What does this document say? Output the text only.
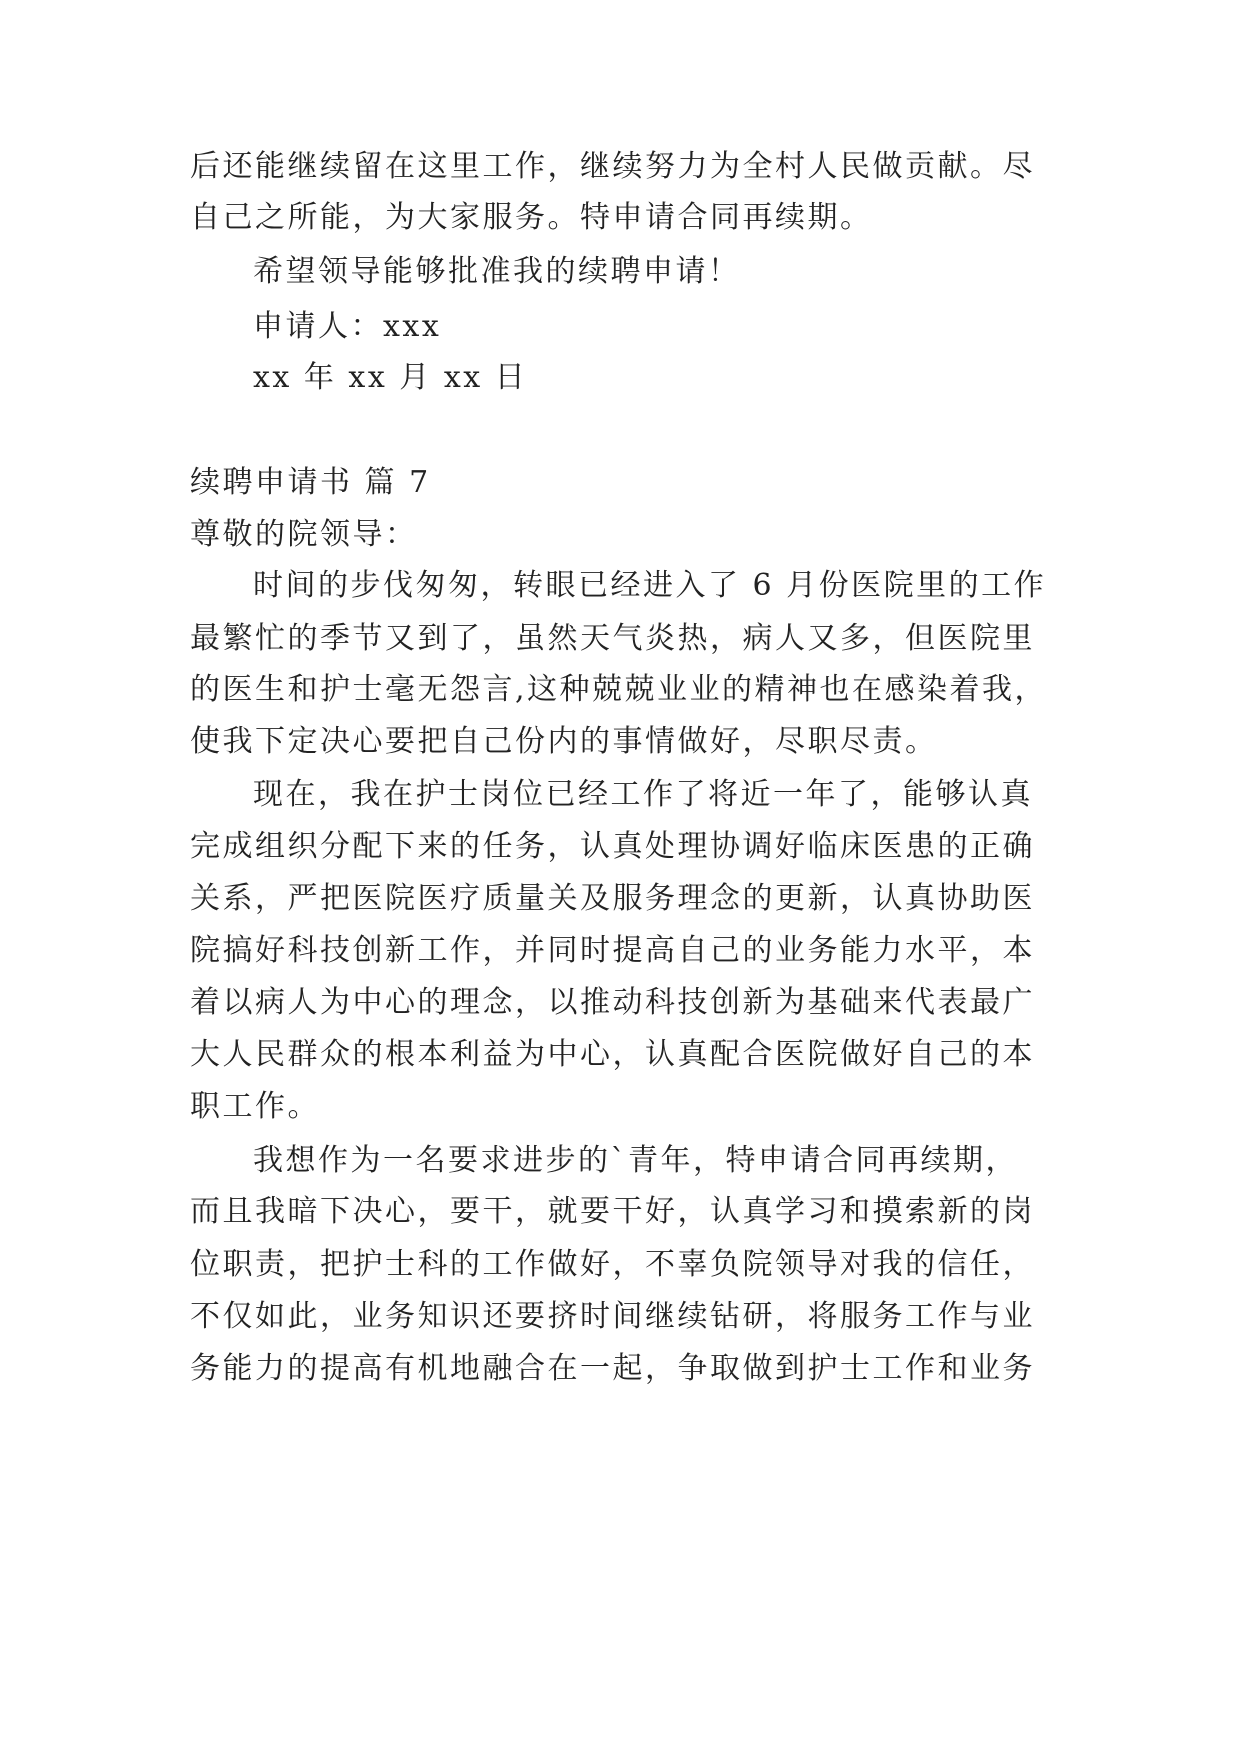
后还能继续留在这里工作，继续努力为全村人民做贡献。尽
自己之所能，为大家服务。特申请合同再续期。
希望领导能够批准我的续聘申请！
申请人：xxx
xx 年 xx 月 xx 日
续聘申请书 篇 7
尊敬的院领导：
时间的步伐匆匆，转眼已经进入了 6 月份医院里的工作
最繁忙的季节又到了，虽然天气炎热，病人又多，但医院里
的医生和护士毫无怨言,这种兢兢业业的精神也在感染着我，
使我下定决心要把自己份内的事情做好，尽职尽责。
现在，我在护士岗位已经工作了将近一年了，能够认真
完成组织分配下来的任务，认真处理协调好临床医患的正确
关系，严把医院医疗质量关及服务理念的更新，认真协助医
院搞好科技创新工作，并同时提高自己的业务能力水平，本
着以病人为中心的理念，以推动科技创新为基础来代表最广
大人民群众的根本利益为中心，认真配合医院做好自己的本
职工作。
我想作为一名要求进步的`青年，特申请合同再续期，
而且我暗下决心，要干，就要干好，认真学习和摸索新的岗
位职责，把护士科的工作做好，不辜负院领导对我的信任，
不仅如此，业务知识还要挤时间继续钻研，将服务工作与业
务能力的提高有机地融合在一起，争取做到护士工作和业务
